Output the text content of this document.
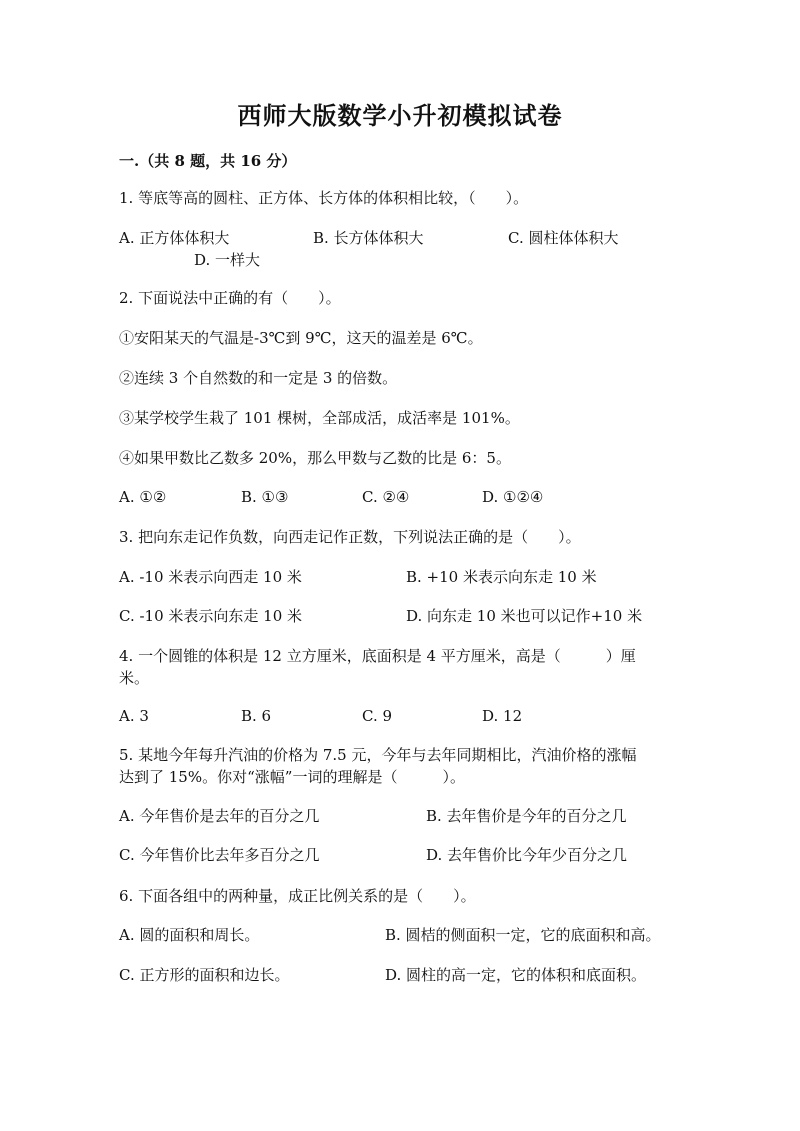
西师大版数学小升初模拟试卷
一.（共 8 题，共 16 分）
1. 等底等高的圆柱、正方体、长方体的体积相比较，（　　）。
A. 正方体体积大	B. 长方体体积大	C. 圆柱体体积大
D. 一样大
2. 下面说法中正确的有（　　）。
①安阳某天的气温是-3℃到 9℃，这天的温差是 6℃。
②连续 3 个自然数的和一定是 3 的倍数。
③某学校学生栽了 101 棵树，全部成活，成活率是 101%。
④如果甲数比乙数多 20%，那么甲数与乙数的比是 6：5。
A. ①②	B. ①③	C. ②④	D. ①②④
3. 把向东走记作负数，向西走记作正数，下列说法正确的是（　　）。
A. -10 米表示向西走 10 米	B. +10 米表示向东走 10 米
C. -10 米表示向东走 10 米	D. 向东走 10 米也可以记作+10 米
4. 一个圆锥的体积是 12 立方厘米，底面积是 4 平方厘米，高是（　　　）厘
米。
A. 3	B. 6	C. 9	D. 12
5. 某地今年每升汽油的价格为 7.5 元，今年与去年同期相比，汽油价格的涨幅
达到了 15%。你对“涨幅”一词的理解是（　　　）。
A. 今年售价是去年的百分之几	B. 去年售价是今年的百分之几
C. 今年售价比去年多百分之几	D. 去年售价比今年少百分之几
6. 下面各组中的两种量，成正比例关系的是（　　）。
A. 圆的面积和周长。	B. 圆桔的侧面积一定，它的底面积和高。
C. 正方形的面积和边长。	D. 圆柱的高一定，它的体积和底面积。
